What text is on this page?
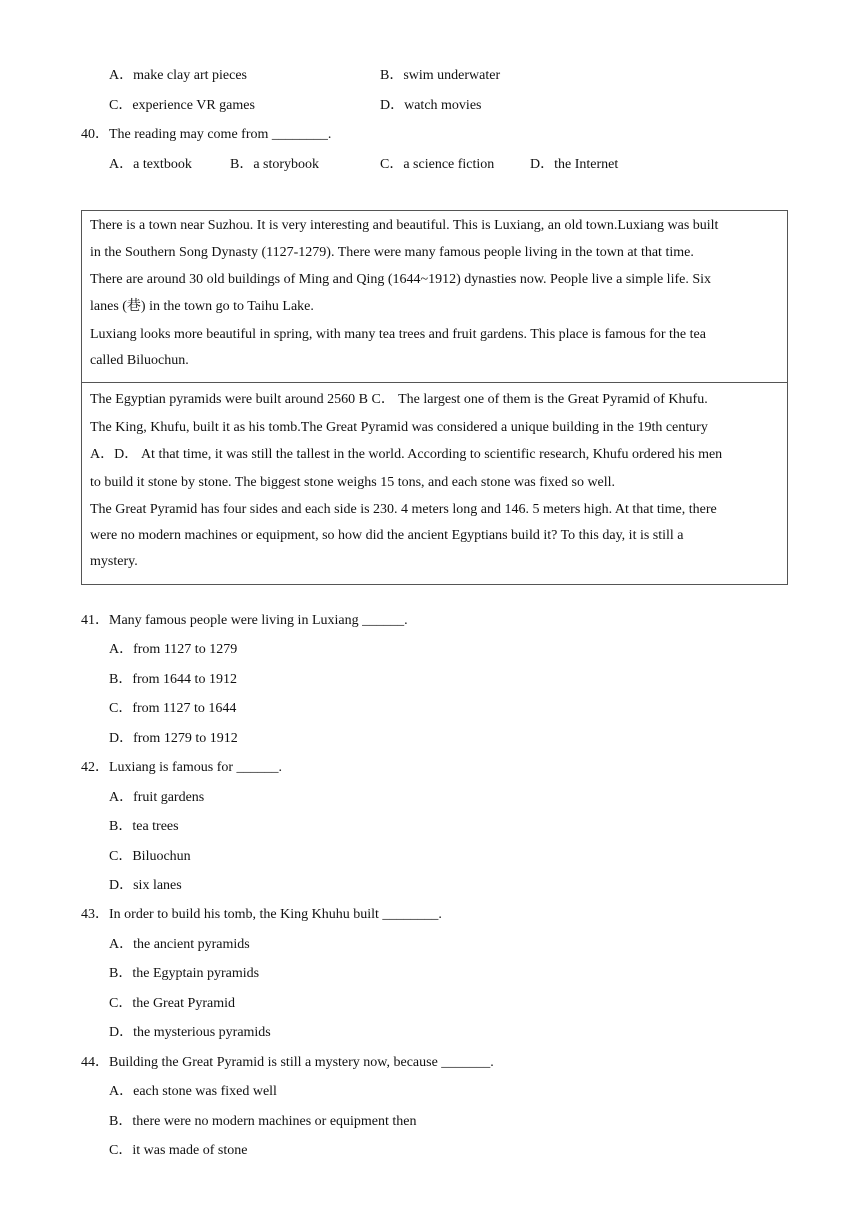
A．make clay art pieces	B．swim underwater
C．experience VR games	D．watch movies
40．The reading may come from ________.
A．a textbook	B．a storybook	C．a science fiction	D．the Internet
There is a town near Suzhou. It is very interesting and beautiful. This is Luxiang, an old town.Luxiang was built
in the Southern Song Dynasty (1127-1279). There were many famous people living in the town at that time.
There are around 30 old buildings of Ming and Qing (1644~1912) dynasties now. People live a simple life. Six
lanes (巷) in the town go to Taihu Lake.
Luxiang looks more beautiful in spring, with many tea trees and fruit gardens. This place is famous for the tea
called Biluochun.
The Egyptian pyramids were built around 2560 B C． The largest one of them is the Great Pyramid of Khufu.
The King, Khufu, built it as his tomb.The Great Pyramid was considered a unique building in the 19th century
A．D． At that time, it was still the tallest in the world. According to scientific research, Khufu ordered his men
to build it stone by stone. The biggest stone weighs 15 tons, and each stone was fixed so well.
The Great Pyramid has four sides and each side is 230. 4 meters long and 146. 5 meters high. At that time, there
were no modern machines or equipment, so how did the ancient Egyptians build it? To this day, it is still a
mystery.
41．Many famous people were living in Luxiang ______.
A．from 1127 to 1279
B．from 1644 to 1912
C．from 1127 to 1644
D．from 1279 to 1912
42．Luxiang is famous for ______.
A．fruit gardens
B．tea trees
C．Biluochun
D．six lanes
43．In order to build his tomb, the King Khuhu built ________.
A．the ancient pyramids
B．the Egyptain pyramids
C．the Great Pyramid
D．the mysterious pyramids
44．Building the Great Pyramid is still a mystery now, because _______.
A．each stone was fixed well
B．there were no modern machines or equipment then
C．it was made of stone
